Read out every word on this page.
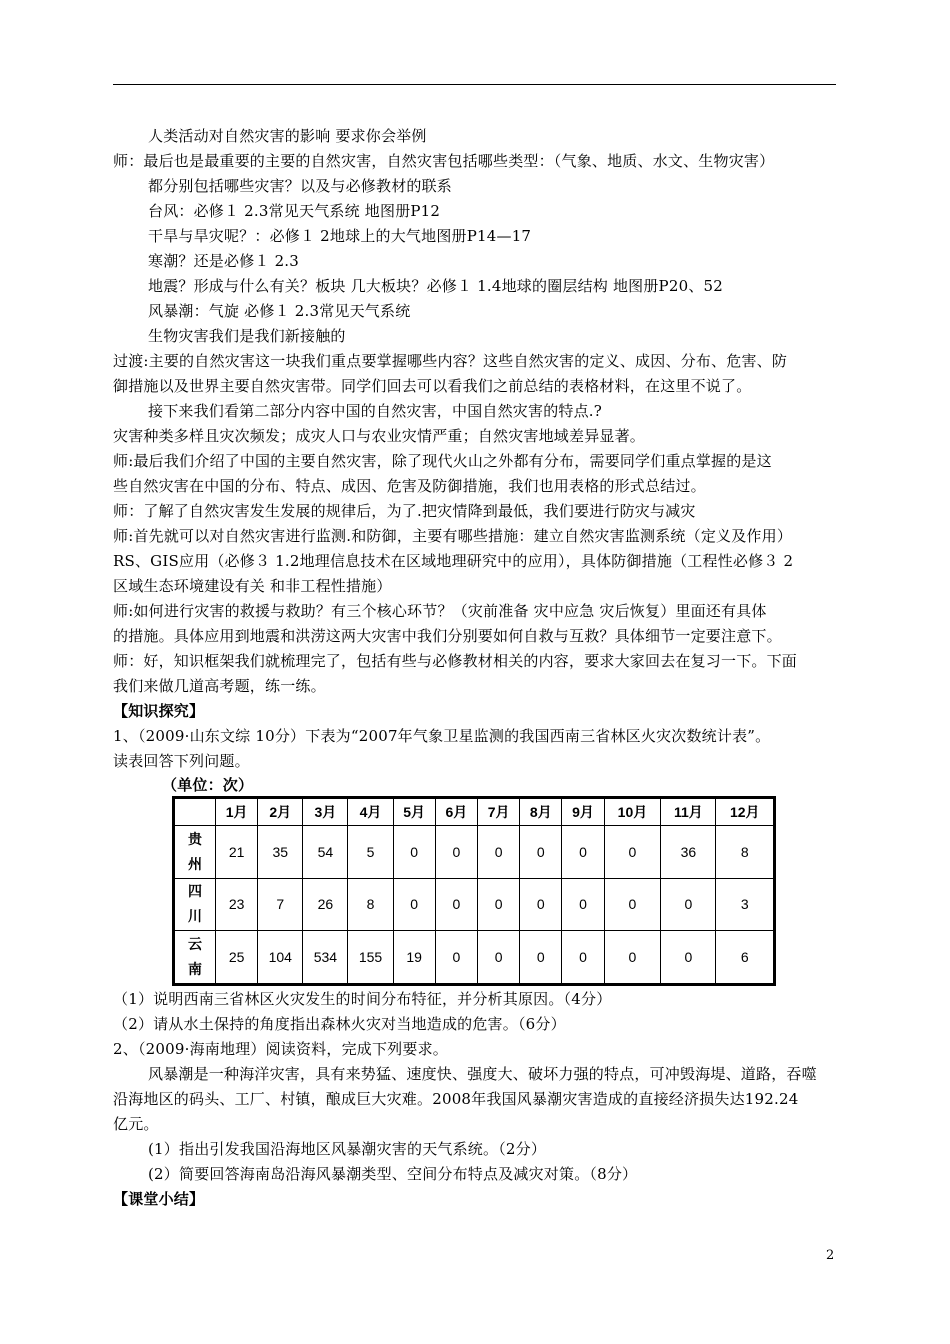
人类活动对自然灾害的影响 要求你会举例
师：最后也是最重要的主要的自然灾害，自然灾害包括哪些类型：（气象、地质、水文、生物灾害）
都分别包括哪些灾害？以及与必修教材的联系
台风：必修１ 2.3常见天气系统 地图册P12
干旱与旱灾呢？：必修１ 2地球上的大气地图册P14—17
寒潮？还是必修１ 2.3
地震？形成与什么有关？板块 几大板块？必修１ 1.4地球的圈层结构 地图册P20、52
风暴潮：气旋 必修１ 2.3常见天气系统
生物灾害我们是我们新接触的
过渡:主要的自然灾害这一块我们重点要掌握哪些内容？这些自然灾害的定义、成因、分布、危害、防
御措施以及世界主要自然灾害带。同学们回去可以看我们之前总结的表格材料，在这里不说了。
接下来我们看第二部分内容中国的自然灾害，中国自然灾害的特点.?
灾害种类多样且灾次频发；成灾人口与农业灾情严重；自然灾害地域差异显著。
师:最后我们介绍了中国的主要自然灾害，除了现代火山之外都有分布，需要同学们重点掌握的是这
些自然灾害在中国的分布、特点、成因、危害及防御措施，我们也用表格的形式总结过。
师：了解了自然灾害发生发展的规律后，为了.把灾情降到最低，我们要进行防灾与减灾
师:首先就可以对自然灾害进行监测.和防御，主要有哪些措施：建立自然灾害监测系统（定义及作用）
RS、GIS应用（必修３ 1.2地理信息技术在区域地理研究中的应用），具体防御措施（工程性必修３ 2
区域生态环境建设有关 和非工程性措施）
师:如何进行灾害的救援与救助？有三个核心环节？（灾前准备 灾中应急 灾后恢复）里面还有具体
的措施。具体应用到地震和洪涝这两大灾害中我们分别要如何自救与互救？具体细节一定要注意下。
师：好，知识框架我们就梳理完了，包括有些与必修教材相关的内容，要求大家回去在复习一下。下面
我们来做几道高考题，练一练。
【知识探究】
1、（2009·山东文综 10分）下表为“2007年气象卫星监测的我国西南三省林区火灾次数统计表”。
读表回答下列问题。
（单位：次）
	1月	2月	3月	4月	5月	6月	7月	8月	9月	10月	11月	12月
贵
州	21	35	54	5	0	0	0	0	0	0	36	8
四
川	23	7	26	8	0	0	0	0	0	0	0	3
云
南	25	104	534	155	19	0	0	0	0	0	0	6
（1）说明西南三省林区火灾发生的时间分布特征，并分析其原因。（4分）
（2）请从水土保持的角度指出森林火灾对当地造成的危害。（6分）
2、（2009·海南地理）阅读资料，完成下列要求。
风暴潮是一种海洋灾害，具有来势猛、速度快、强度大、破坏力强的特点，可冲毁海堤、道路，吞噬
沿海地区的码头、工厂、村镇，酿成巨大灾难。2008年我国风暴潮灾害造成的直接经济损失达192.24
亿元。
(1）指出引发我国沿海地区风暴潮灾害的天气系统。（2分）
(2）简要回答海南岛沿海风暴潮类型、空间分布特点及减灾对策。（8分）
【课堂小结】
2
